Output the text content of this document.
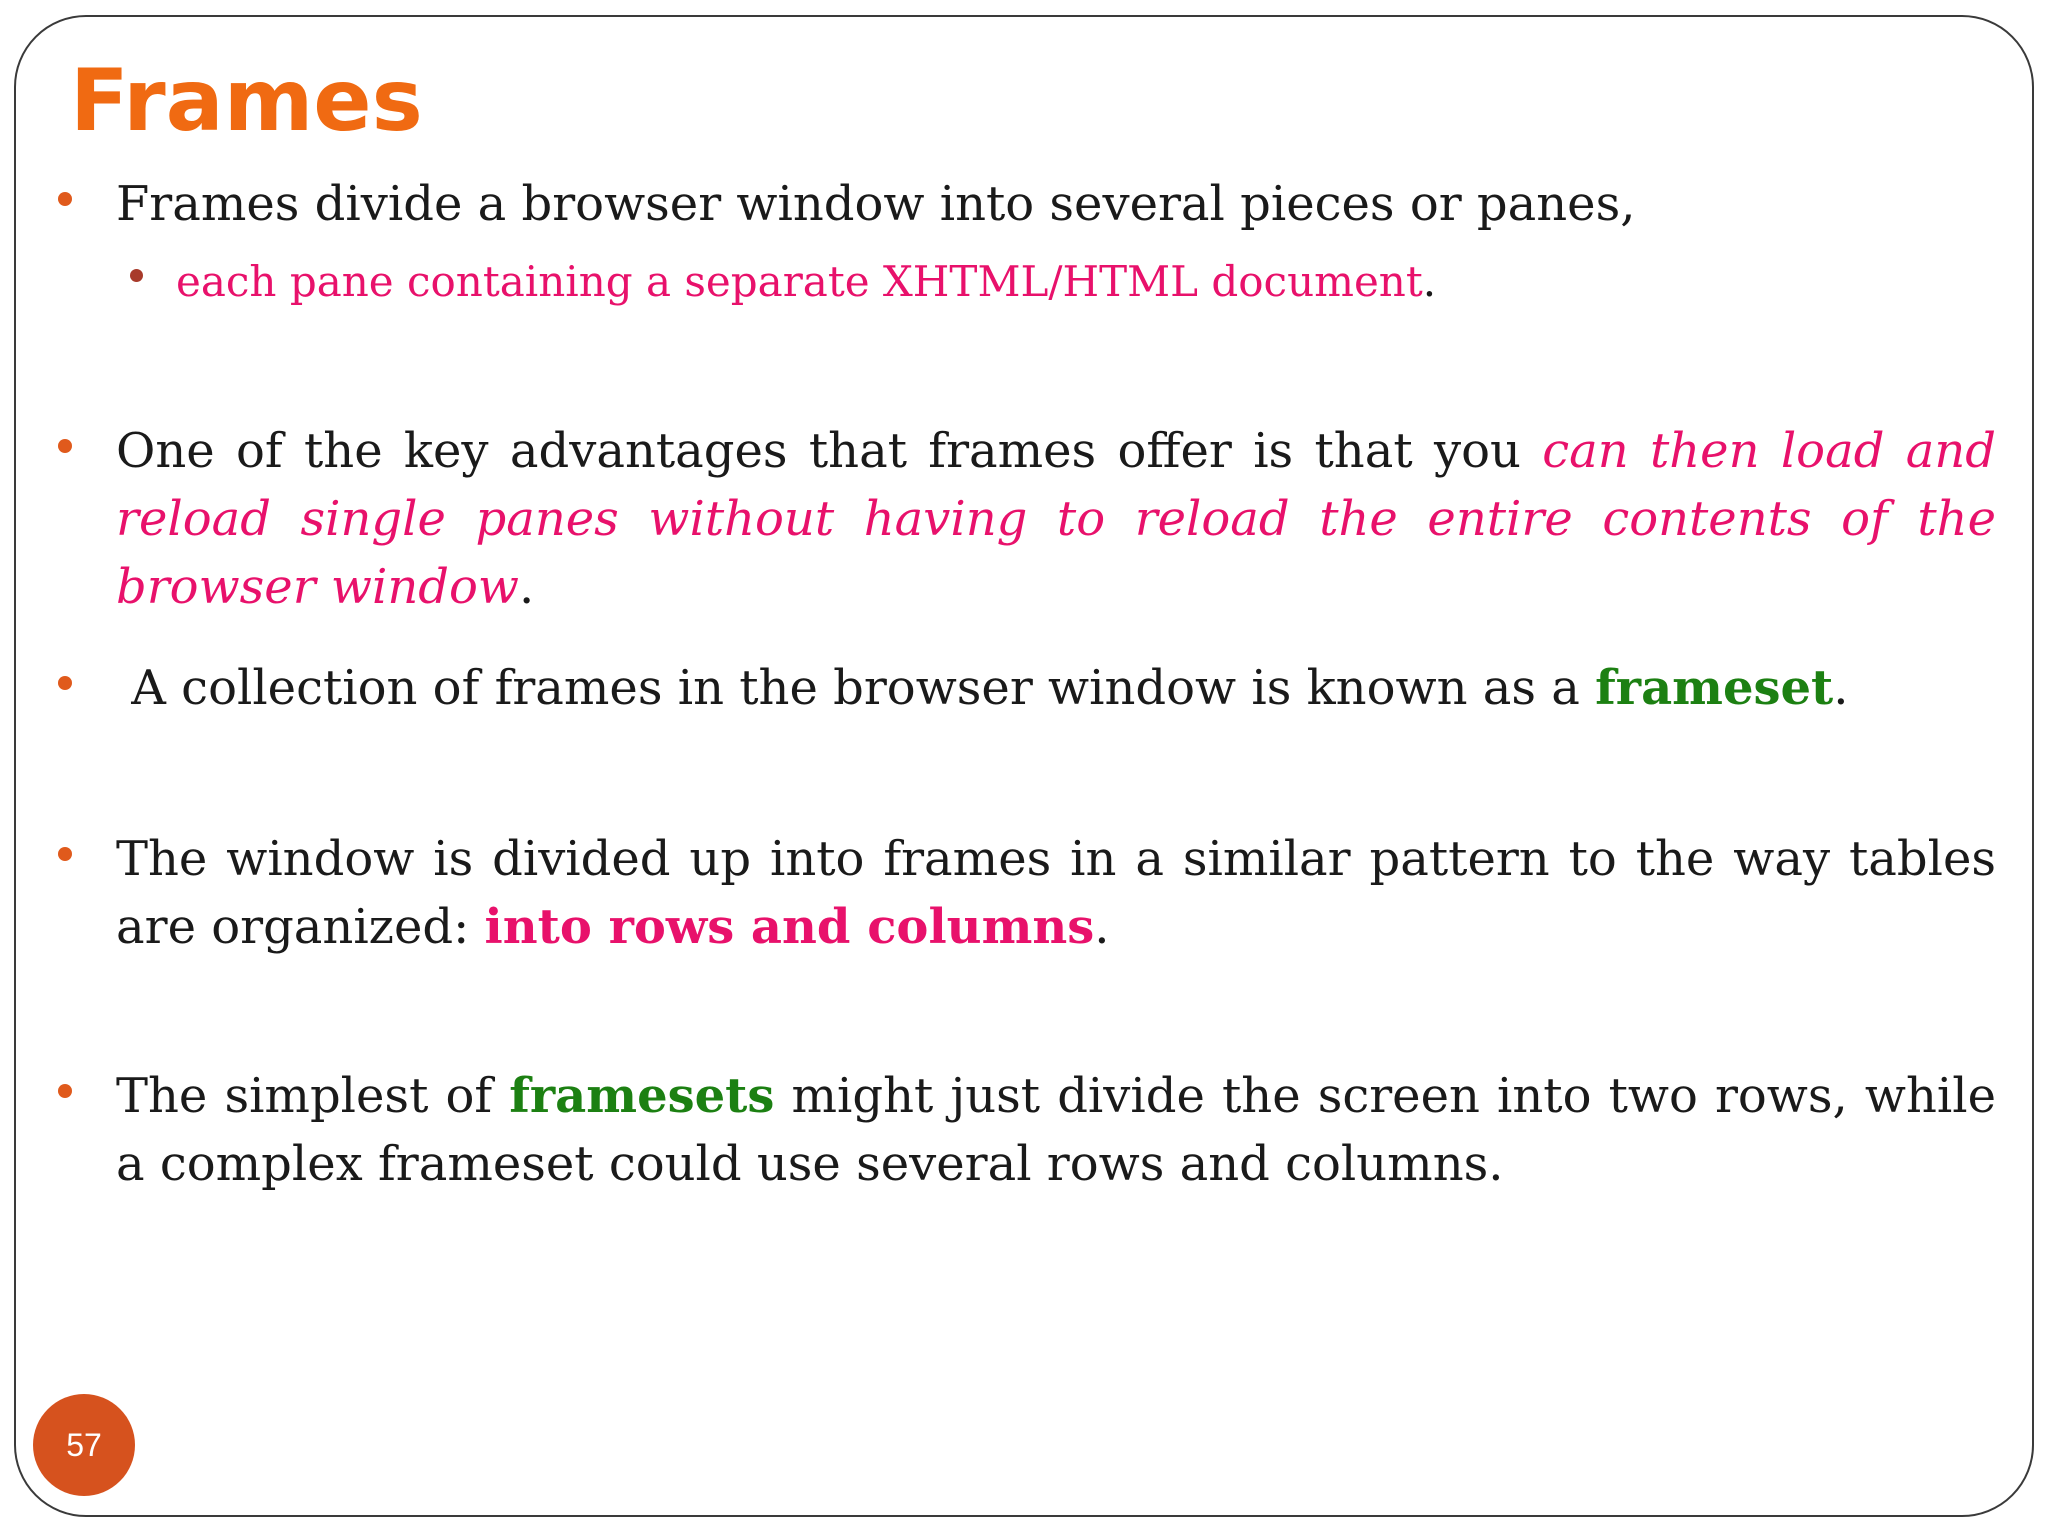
Frames

Frames divide a browser window into several pieces or panes,

each pane containing a separate XHTML/HTML document.

One of the key advantages that frames offer is that you can then load and reload single panes without having to reload the entire contents of the browser window.

A collection of frames in the browser window is known as a frameset.

The window is divided up into frames in a similar pattern to the way tables are organized: into rows and columns.

The simplest of framesets might just divide the screen into two rows, while a complex frameset could use several rows and columns.

57
